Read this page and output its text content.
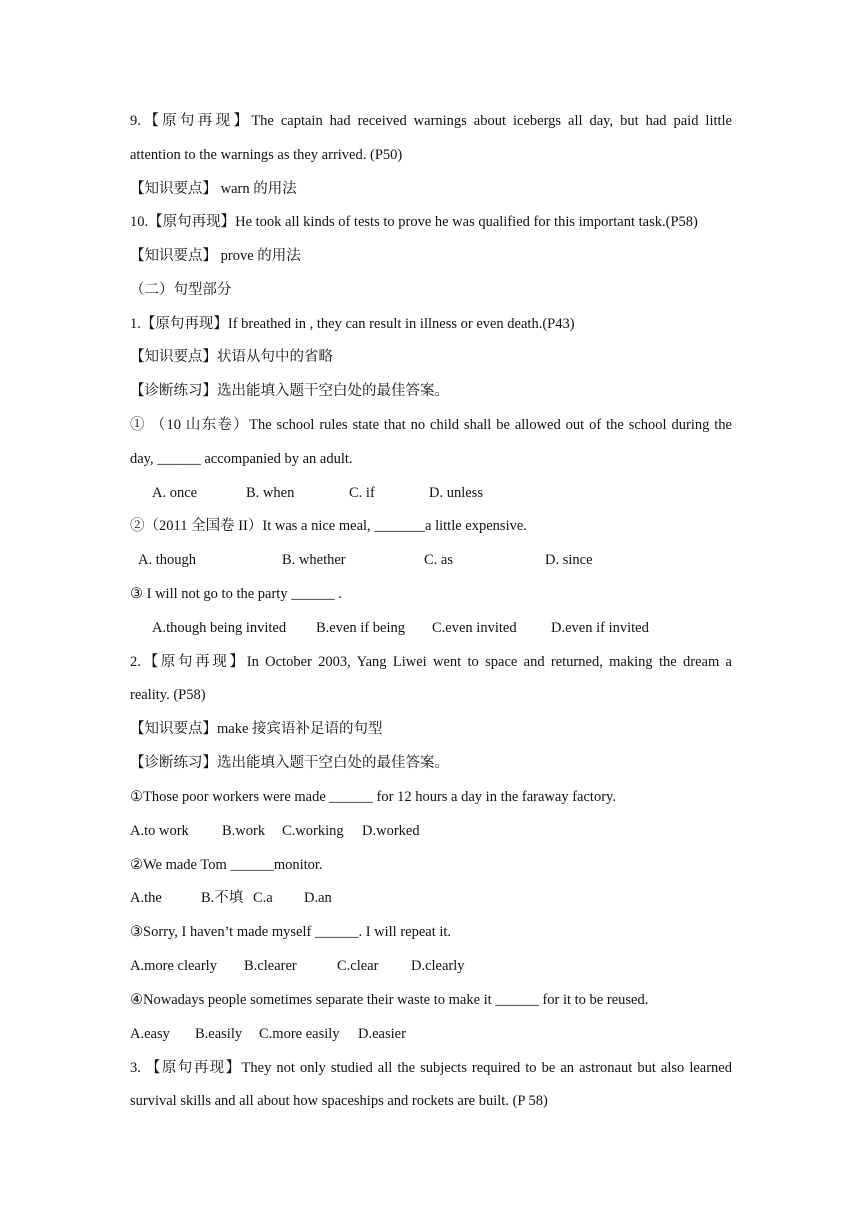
9.【原句再现】The captain had received warnings about icebergs all day, but had paid little
attention to the warnings as they arrived. (P50)
【知识要点】 warn 的用法
10.【原句再现】He took all kinds of tests to prove he was qualified for this important task.(P58)
【知识要点】 prove 的用法
（二）句型部分
1.【原句再现】If breathed in , they can result in illness or even death.(P43)
【知识要点】状语从句中的省略
【诊断练习】选出能填入题干空白处的最佳答案。
① （10 山东卷）The school rules state that no child shall be allowed out of the school during the
day, ______ accompanied by an adult.
A. once	B. when	C. if	D. unless
②（2011 全国卷 II）It was a nice meal, _______a little expensive.
A. though	B. whether	C. as	D. since
③ I will not go to the party ______ .
A.though being invited B.even if being C.even invited D.even if invited
2.【原句再现】In October 2003, Yang Liwei went to space and returned, making the dream a
reality. (P58)
【知识要点】make 接宾语补足语的句型
【诊断练习】选出能填入题干空白处的最佳答案。
①Those poor workers were made ______ for 12 hours a day in the faraway factory.
A.to work B.work C.working D.worked
②We made Tom ______monitor.
A.the	B.不填 C.a D.an
③Sorry, I haven’t made myself ______. I will repeat it.
A.more clearly B.clearer	C.clear D.clearly
④Nowadays people sometimes separate their waste to make it ______ for it to be reused.
A.easy B.easily C.more easily D.easier
3. 【原句再现】They not only studied all the subjects required to be an astronaut but also learned
survival skills and all about how spaceships and rockets are built. (P 58)
